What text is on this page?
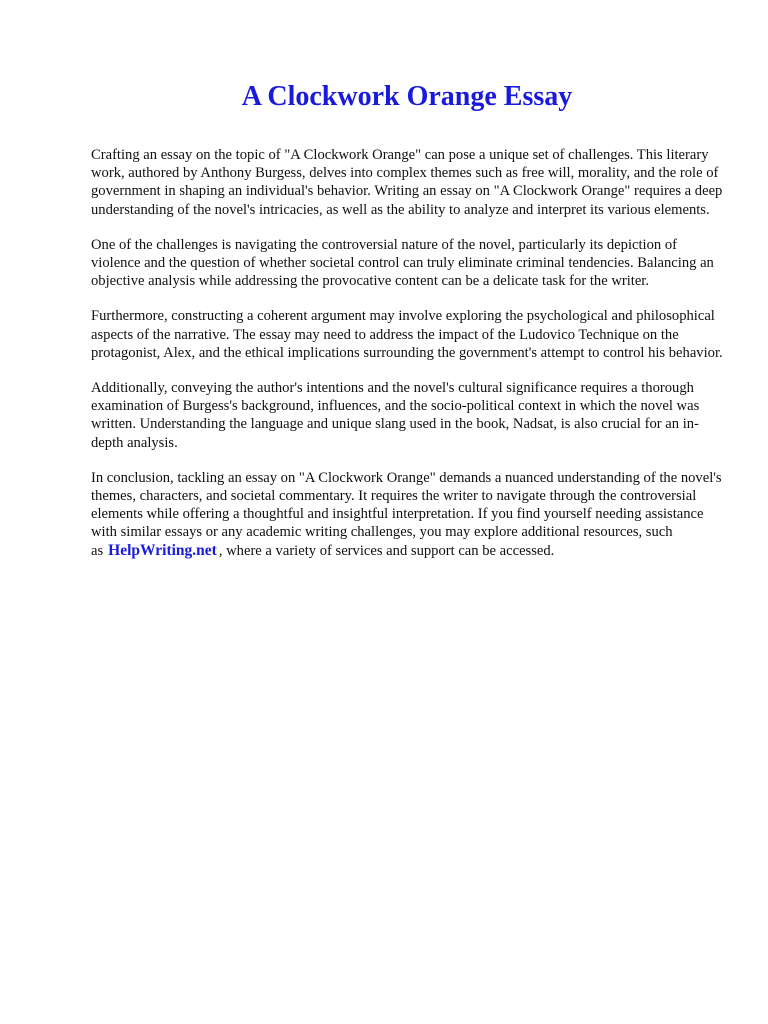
A Clockwork Orange Essay

Crafting an essay on the topic of "A Clockwork Orange" can pose a unique set of challenges. This literary work, authored by Anthony Burgess, delves into complex themes such as free will, morality, and the role of government in shaping an individual's behavior. Writing an essay on "A Clockwork Orange" requires a deep understanding of the novel's intricacies, as well as the ability to analyze and interpret its various elements.

One of the challenges is navigating the controversial nature of the novel, particularly its depiction of violence and the question of whether societal control can truly eliminate criminal tendencies. Balancing an objective analysis while addressing the provocative content can be a delicate task for the writer.

Furthermore, constructing a coherent argument may involve exploring the psychological and philosophical aspects of the narrative. The essay may need to address the impact of the Ludovico Technique on the protagonist, Alex, and the ethical implications surrounding the government's attempt to control his behavior.

Additionally, conveying the author's intentions and the novel's cultural significance requires a thorough examination of Burgess's background, influences, and the socio-political context in which the novel was written. Understanding the language and unique slang used in the book, Nadsat, is also crucial for an in-depth analysis.

In conclusion, tackling an essay on "A Clockwork Orange" demands a nuanced understanding of the novel's themes, characters, and societal commentary. It requires the writer to navigate through the controversial elements while offering a thoughtful and insightful interpretation. If you find yourself needing assistance with similar essays or any academic writing challenges, you may explore additional resources, such as HelpWriting.net , where a variety of services and support can be accessed.
